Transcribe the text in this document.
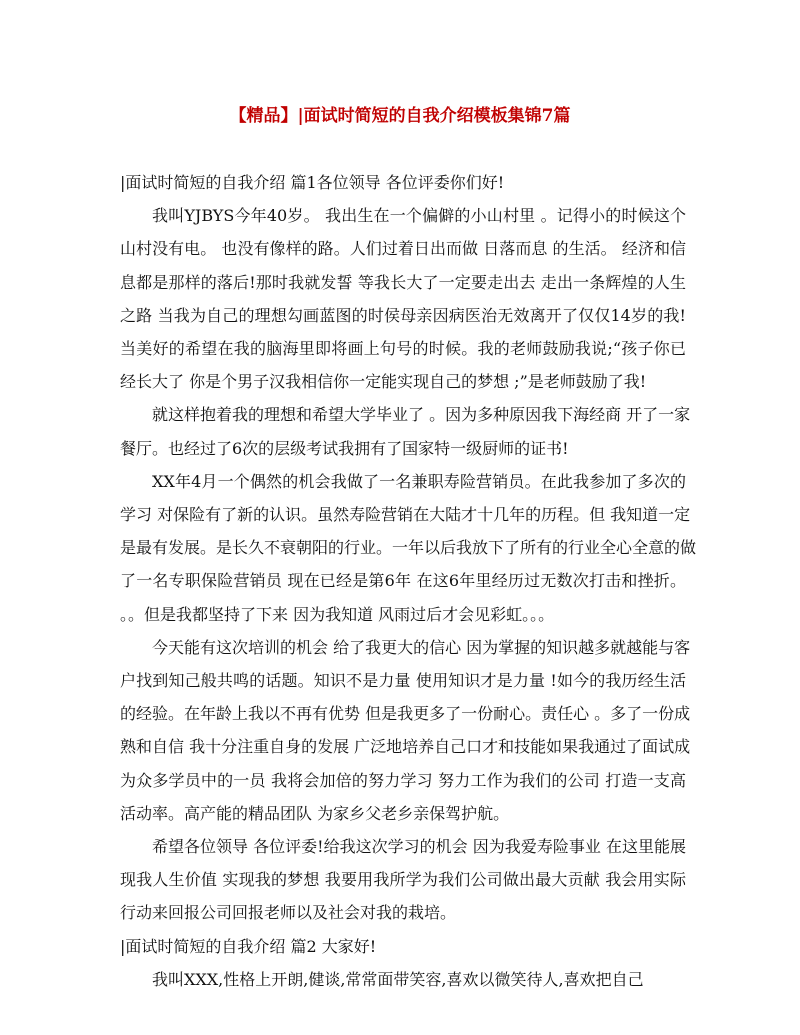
【精品】|面试时简短的自我介绍模板集锦7篇
|面试时简短的自我介绍 篇1各位领导 各位评委你们好!
我叫YJBYS今年40岁。 我出生在一个偏僻的小山村里 。记得小的时候这个
山村没有电。 也没有像样的路。人们过着日出而做 日落而息 的生活。 经济和信
息都是那样的落后!那时我就发誓 等我长大了一定要走出去 走出一条辉煌的人生
之路 当我为自己的理想勾画蓝图的时侯母亲因病医治无效离开了仅仅14岁的我!
当美好的希望在我的脑海里即将画上句号的时候。我的老师鼓励我说;“孩子你已
经长大了 你是个男子汉我相信你一定能实现自己的梦想 ;”是老师鼓励了我!
就这样抱着我的理想和希望大学毕业了 。因为多种原因我下海经商 开了一家
餐厅。也经过了6次的层级考试我拥有了国家特一级厨师的证书!
XX年4月一个偶然的机会我做了一名兼职寿险营销员。在此我参加了多次的
学习 对保险有了新的认识。虽然寿险营销在大陆才十几年的历程。但 我知道一定
是最有发展。是长久不衰朝阳的行业。一年以后我放下了所有的行业全心全意的做
了一名专职保险营销员 现在已经是第6年 在这6年里经历过无数次打击和挫折。
。。但是我都坚持了下来 因为我知道 风雨过后才会见彩虹。。。
今天能有这次培训的机会 给了我更大的信心 因为掌握的知识越多就越能与客
户找到知己般共鸣的话题。知识不是力量 使用知识才是力量 !如今的我历经生活
的经验。在年龄上我以不再有优势 但是我更多了一份耐心。责任心 。多了一份成
熟和自信 我十分注重自身的发展 广泛地培养自己口才和技能如果我通过了面试成
为众多学员中的一员 我将会加倍的努力学习 努力工作为我们的公司 打造一支高
活动率。高产能的精品团队 为家乡父老乡亲保驾护航。
希望各位领导 各位评委!给我这次学习的机会 因为我爱寿险事业 在这里能展
现我人生价值 实现我的梦想 我要用我所学为我们公司做出最大贡献 我会用实际
行动来回报公司回报老师以及社会对我的栽培。
|面试时简短的自我介绍 篇2 大家好!
我叫XXX,性格上开朗,健谈,常常面带笑容,喜欢以微笑待人,喜欢把自己
